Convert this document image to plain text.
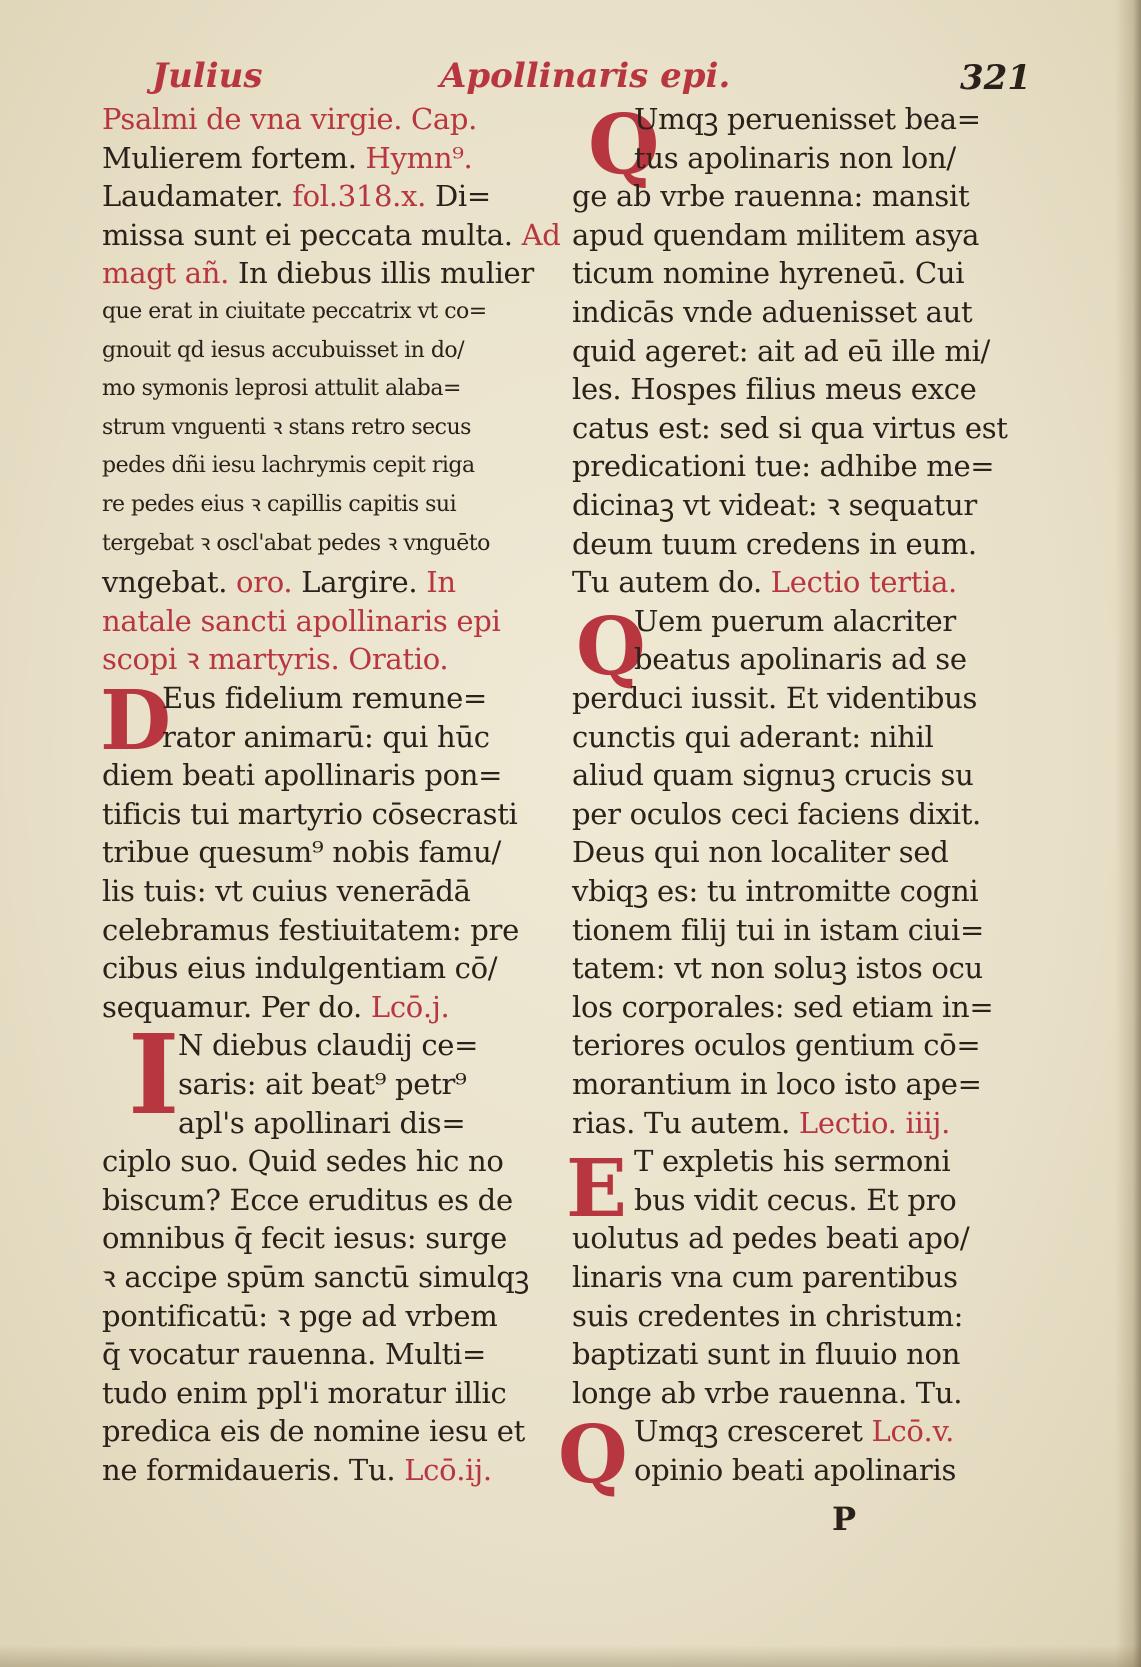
Julius	Apollinaris epi.	321
D
I
Q
Q
E
Q
Psalmi de vna virgie. Cap.
Mulierem fortem. Hymn⁹.
Laudamater. fol.318.x. Di=
missa sunt ei peccata multa. Ad
magt añ. In diebus illis mulier
que erat in ciuitate peccatrix vt co=
gnouit qd iesus accubuisset in do/
mo symonis leprosi attulit alaba=
strum vnguenti ꝛ stans retro secus
pedes dñi iesu lachrymis cepit riga
re pedes eius ꝛ capillis capitis sui
tergebat ꝛ oscl'abat pedes ꝛ vnguēto
vngebat. oro. Largire. In
natale sancti apollinaris epi
scopi ꝛ martyris. Oratio.
Eus fidelium remune=
rator animarū: qui hūc
diem beati apollinaris pon=
tificis tui martyrio cōsecrasti
tribue quesum⁹ nobis famu/
lis tuis: vt cuius venerādā
celebramus festiuitatem: pre
cibus eius indulgentiam cō/
sequamur. Per do. Lcō.j.
N diebus claudij ce=
saris: ait beat⁹ petr⁹
apl's apollinari dis=
ciplo suo. Quid sedes hic no
biscum? Ecce eruditus es de
omnibus q̄ fecit iesus: surge
ꝛ accipe spūm sanctū simulqꝫ
pontificatū: ꝛ pge ad vrbem
q̄ vocatur rauenna. Multi=
tudo enim ppl'i moratur illic
predica eis de nomine iesu et
ne formidaueris. Tu. Lcō.ij.
Umqꝫ peruenisset bea=
tus apolinaris non lon/
ge ab vrbe rauenna: mansit
apud quendam militem asya
ticum nomine hyreneū. Cui
indicās vnde aduenisset aut
quid ageret: ait ad eū ille mi/
les. Hospes filius meus exce
catus est: sed si qua virtus est
predicationi tue: adhibe me=
dicinaꝫ vt videat: ꝛ sequatur
deum tuum credens in eum.
Tu autem do. Lectio tertia.
Uem puerum alacriter
beatus apolinaris ad se
perduci iussit. Et videntibus
cunctis qui aderant: nihil
aliud quam signuꝫ crucis su
per oculos ceci faciens dixit.
Deus qui non localiter sed
vbiqꝫ es: tu intromitte cogni
tionem filij tui in istam ciui=
tatem: vt non soluꝫ istos ocu
los corporales: sed etiam in=
teriores oculos gentium cō=
morantium in loco isto ape=
rias. Tu autem. Lectio. iiij.
T expletis his sermoni
bus vidit cecus. Et pro
uolutus ad pedes beati apo/
linaris vna cum parentibus
suis credentes in christum:
baptizati sunt in fluuio non
longe ab vrbe rauenna. Tu.
Umqꝫ cresceret Lcō.v.
opinio beati apolinaris
P
